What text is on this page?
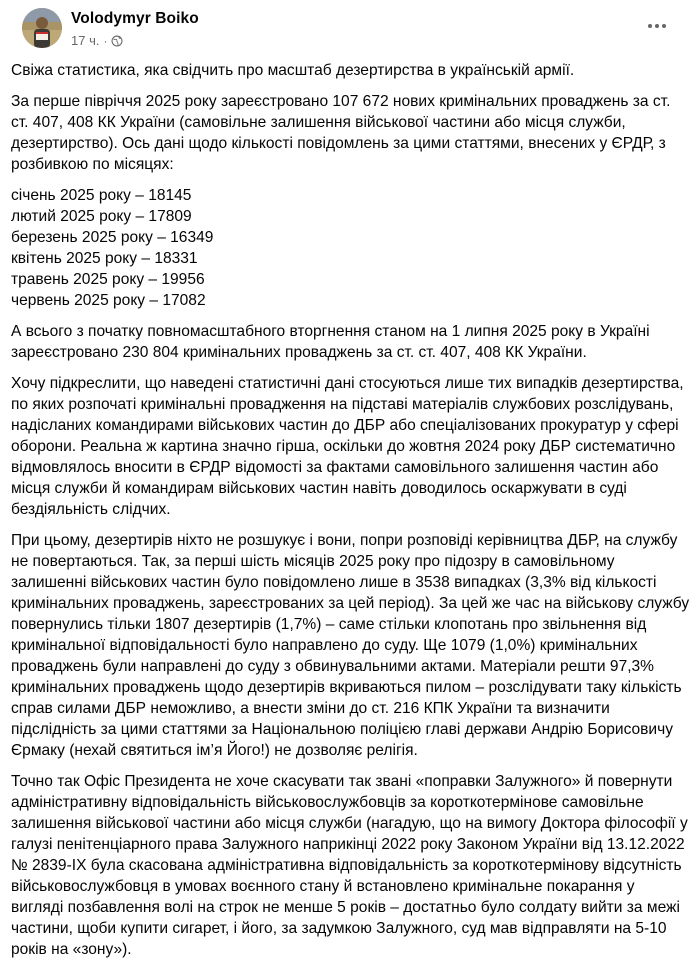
Volodymyr Boiko
17 ч. ·

Свіжа статистика, яка свідчить про масштаб дезертирства в українській армії.

За перше півріччя 2025 року зареєстровано 107 672 нових кримінальних проваджень за ст. ст. 407, 408 КК України (самовільне залишення військової частини або місця служби, дезертирство). Ось дані щодо кількості повідомлень за цими статтями, внесених у ЄРДР, з розбивкою по місяцях:

січень 2025 року – 18145
лютий 2025 року – 17809
березень 2025 року – 16349
квітень 2025 року – 18331
травень 2025 року – 19956
червень 2025 року – 17082

А всього з початку повномасштабного вторгнення станом на 1 липня 2025 року в Україні зареєстровано 230 804 кримінальних проваджень за ст. ст. 407, 408 КК України.

Хочу підкреслити, що наведені статистичні дані стосуються лише тих випадків дезертирства, по яких розпочаті кримінальні провадження на підставі матеріалів службових розслідувань, надісланих командирами військових частин до ДБР або спеціалізованих прокуратур у сфері оборони. Реальна ж картина значно гірша, оскільки до жовтня 2024 року ДБР систематично відмовлялось вносити в ЄРДР відомості за фактами самовільного залишення частин або місця служби й командирам військових частин навіть доводилось оскаржувати в суді бездіяльність слідчих.

При цьому, дезертирів ніхто не розшукує і вони, попри розповіді керівництва ДБР, на службу не повертаються. Так, за перші шість місяців 2025 року про підозру в самовільному залишенні військових частин було повідомлено лише в 3538 випадках (3,3% від кількості кримінальних проваджень, зареєстрованих за цей період). За цей же час на військову службу повернулись тільки 1807 дезертирів (1,7%) – саме стільки клопотань про звільнення від кримінальної відповідальності було направлено до суду. Ще 1079 (1,0%) кримінальних проваджень були направлені до суду з обвинувальними актами. Матеріали решти 97,3% кримінальних проваджень щодо дезертирів вкриваються пилом – розслідувати таку кількість справ силами ДБР неможливо, а внести зміни до ст. 216 КПК України та визначити підслідність за цими статтями за Національною поліцією главі держави Андрію Борисовичу Єрмаку (нехай святиться ім’я Його!) не дозволяє релігія.

Точно так Офіс Президента не хоче скасувати так звані «поправки Залужного» й повернути адміністративну відповідальність військовослужбовців за короткотермінове самовільне залишення військової частини або місця служби (нагадую, що на вимогу Доктора філософії у галузі пенітенціарного права Залужного наприкінці 2022 року Законом України від 13.12.2022 № 2839-IX була скасована адміністративна відповідальність за короткотермінову відсутність військовослужбовця в умовах воєнного стану й встановлено кримінальне покарання у вигляді позбавлення волі на строк не менше 5 років – достатньо було солдату вийти за межі частини, щоби купити сигарет, і його, за задумкою Залужного, суд мав відправляти на 5-10 років на «зону»).
